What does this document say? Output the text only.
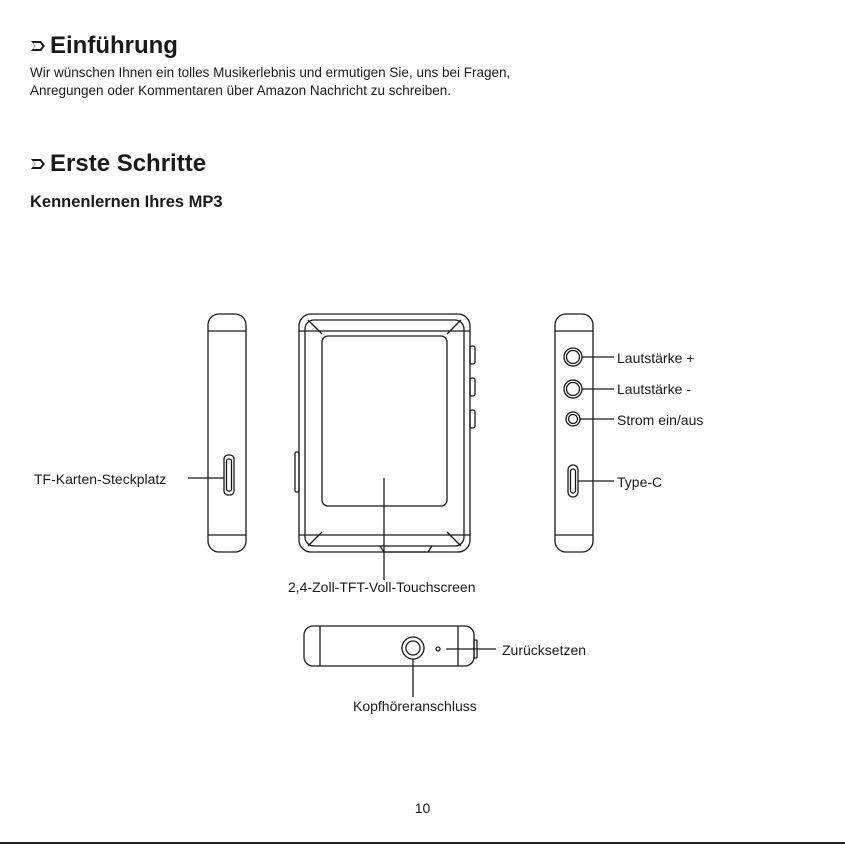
Einführung

Wir wünschen Ihnen ein tolles Musikerlebnis und ermutigen Sie, uns bei Fragen,
Anregungen oder Kommentaren über Amazon Nachricht zu schreiben.

Erste Schritte
Kennenlernen Ihres MP3
TF-Karten-Steckplatz
Lautstärke +
Lautstärke -
Strom ein/aus
Type-C
2,4-Zoll-TFT-Voll-Touchscreen
Zurücksetzen
Kopfhöreranschluss
10
